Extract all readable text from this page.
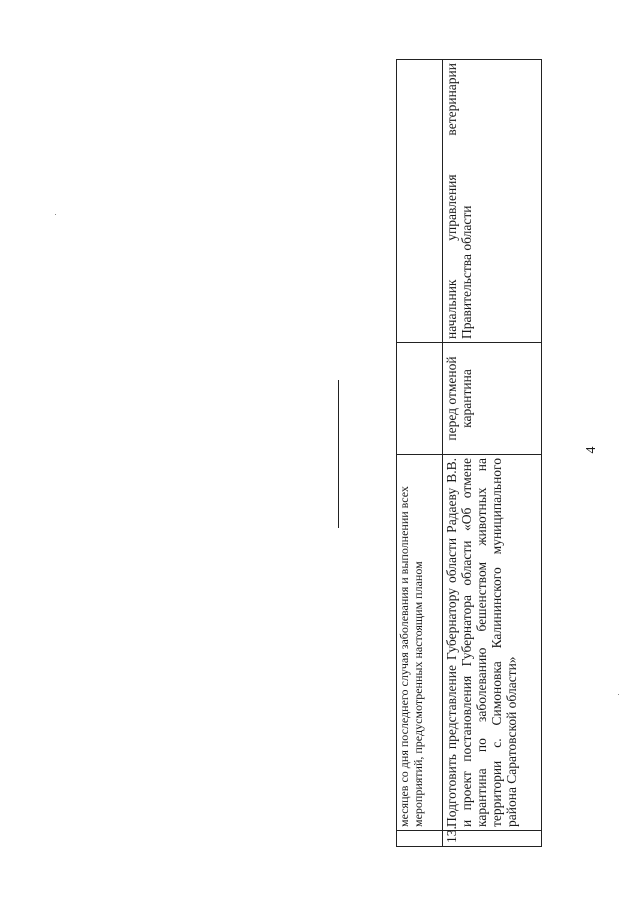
4
	месяцев со дня последнего случая заболевания и выполнении всех мероприятий, предусмотренных настоящим планом		
13.	Подготовить представление Губернатору области Радаеву В.В. и проект постановления Губернатора области «Об отмене карантина по заболеванию бешенством животных на территории с. Симоновка Калининского муниципального района Саратовской области»	перед отменой карантина	начальник управления ветеринарии Правительства области
